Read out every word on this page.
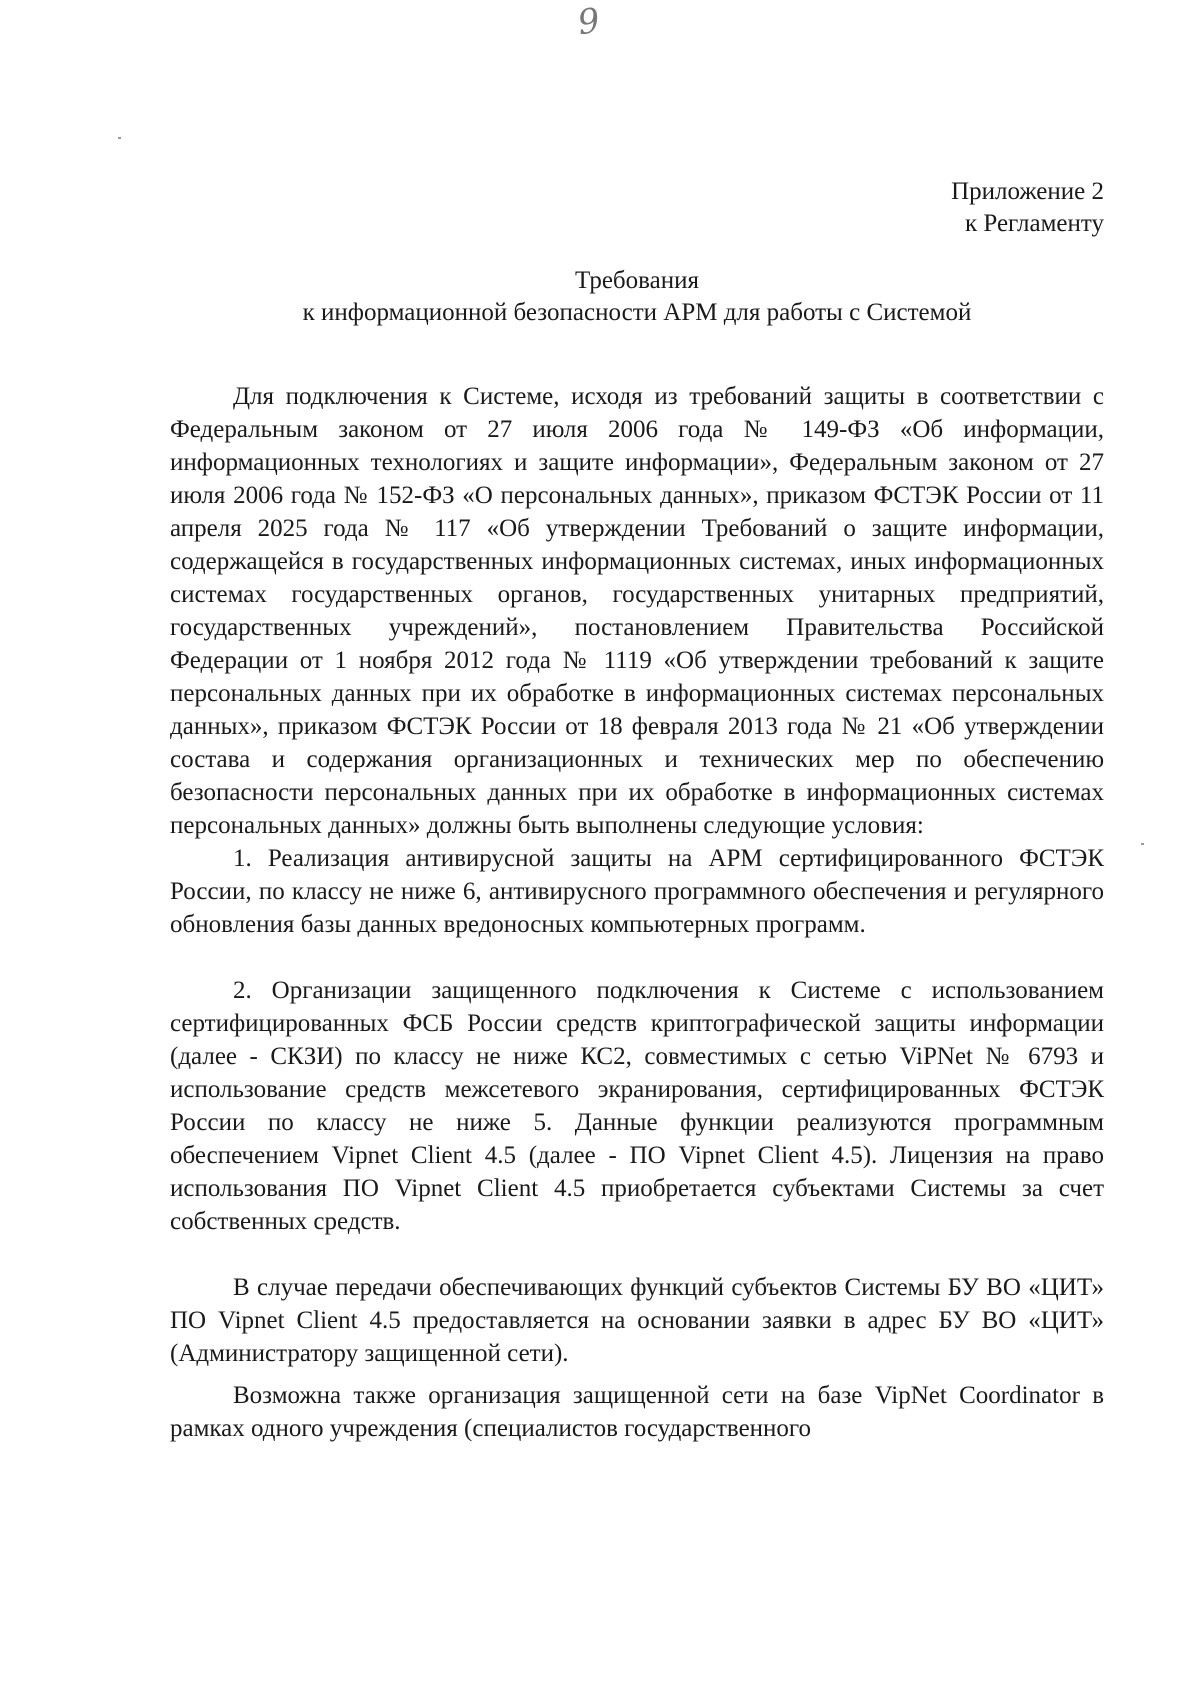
9
Приложение 2
к Регламенту
Требования
к информационной безопасности АРМ для работы с Системой

Для подключения к Системе, исходя из требований защиты в соответствии с Федеральным законом от 27 июля 2006 года № 149-ФЗ «Об информации, информационных технологиях и защите информации», Федеральным законом от 27 июля 2006 года № 152-ФЗ «О персональных данных», приказом ФСТЭК России от 11 апреля 2025 года № 117 «Об утверждении Требований о защите информации, содержащейся в государственных информационных системах, иных информационных системах государственных органов, государственных унитарных предприятий, государственных учреждений», постановлением Правительства Российской Федерации от 1 ноября 2012 года № 1119 «Об утверждении требований к защите персональных данных при их обработке в информационных системах персональных данных», приказом ФСТЭК России от 18 февраля 2013 года № 21 «Об утверждении состава и содержания организационных и технических мер по обеспечению безопасности персональных данных при их обработке в информационных системах персональных данных» должны быть выполнены следующие условия:

1. Реализация антивирусной защиты на АРМ сертифицированного ФСТЭК России, по классу не ниже 6, антивирусного программного обеспечения и регулярного обновления базы данных вредоносных компьютерных программ.

2. Организации защищенного подключения к Системе с использованием сертифицированных ФСБ России средств криптографической защиты информации (далее - СКЗИ) по классу не ниже КС2, совместимых с сетью ViPNet № 6793 и использование средств межсетевого экранирования, сертифицированных ФСТЭК России по классу не ниже 5. Данные функции реализуются программным обеспечением Vipnet Client 4.5 (далее - ПО Vipnet Client 4.5). Лицензия на право использования ПО Vipnet Client 4.5 приобретается субъектами Системы за счет собственных средств.

В случае передачи обеспечивающих функций субъектов Системы БУ ВО «ЦИТ» ПО Vipnet Client 4.5 предоставляется на основании заявки в адрес БУ ВО «ЦИТ» (Администратору защищенной сети).

Возможна также организация защищенной сети на базе VipNet Coordinator в рамках одного учреждения (специалистов государственного
